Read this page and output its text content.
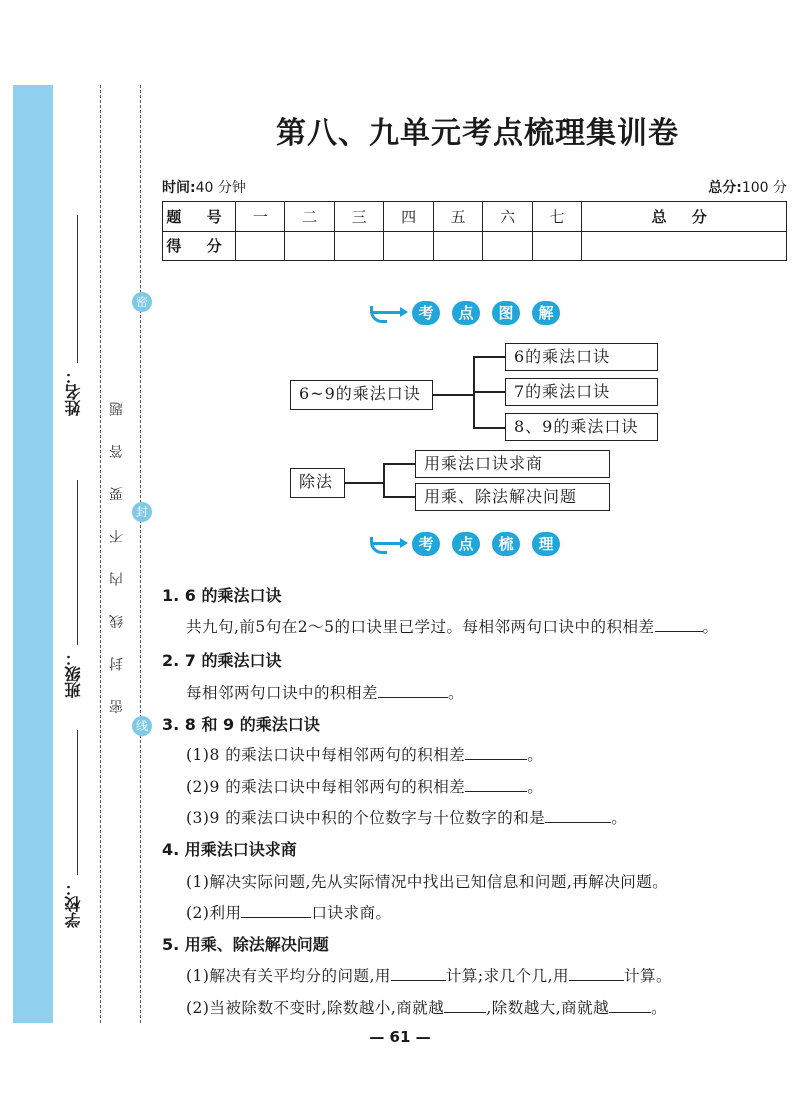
姓名：
班级：
学校：
密 封 线 内 不 要 答 题
密
封
线
第八、九单元考点梳理集训卷
时间:40 分钟	总分:100 分
题 号	一	二	三	四	五	六	七	总 分
得 分								
考	点	图	解
6~9的乘法口诀
6的乘法口诀
7的乘法口诀
8、9的乘法口诀
除法
用乘法口诀求商
用乘、除法解决问题
考	点	梳	理
1. 6 的乘法口诀
共九句,前5句在2～5的口诀里已学过。每相邻两句口诀中的积相差	。
2. 7 的乘法口诀
每相邻两句口诀中的积相差	。
3. 8 和 9 的乘法口诀
(1)8 的乘法口诀中每相邻两句的积相差	。
(2)9 的乘法口诀中每相邻两句的积相差	。
(3)9 的乘法口诀中积的个位数字与十位数字的和是	。
4. 用乘法口诀求商
(1)解决实际问题,先从实际情况中找出已知信息和问题,再解决问题。
(2)利用	口诀求商。
5. 用乘、除法解决问题
(1)解决有关平均分的问题,用	计算;求几个几,用	计算。
(2)当被除数不变时,除数越小,商就越	,除数越大,商就越	。
— 61 —
